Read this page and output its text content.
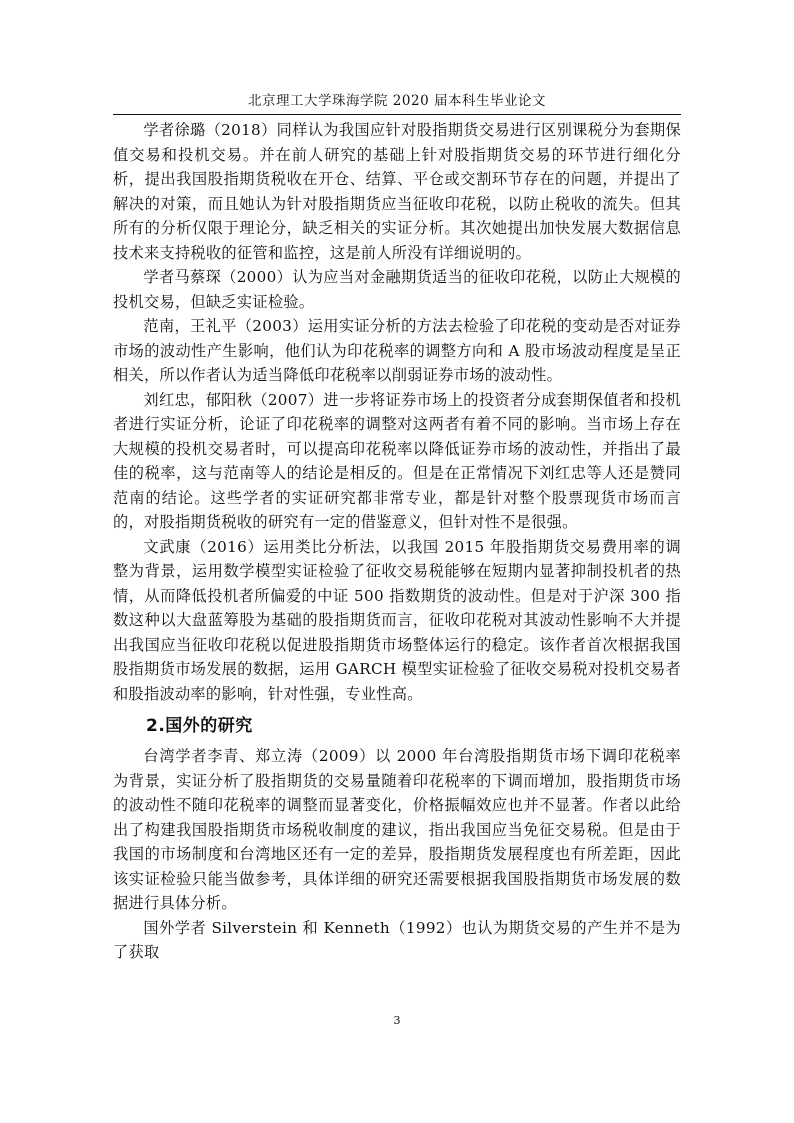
北京理工大学珠海学院 2020 届本科生毕业论文

学者徐璐（2018）同样认为我国应针对股指期货交易进行区别课税分为套期保值交易和投机交易。并在前人研究的基础上针对股指期货交易的环节进行细化分析，提出我国股指期货税收在开仓、结算、平仓或交割环节存在的问题，并提出了解决的对策，而且她认为针对股指期货应当征收印花税，以防止税收的流失。但其所有的分析仅限于理论分，缺乏相关的实证分析。其次她提出加快发展大数据信息技术来支持税收的征管和监控，这是前人所没有详细说明的。

学者马蔡琛（2000）认为应当对金融期货适当的征收印花税，以防止大规模的投机交易，但缺乏实证检验。

范南，王礼平（2003）运用实证分析的方法去检验了印花税的变动是否对证券市场的波动性产生影响，他们认为印花税率的调整方向和 A 股市场波动程度是呈正相关，所以作者认为适当降低印花税率以削弱证券市场的波动性。

刘红忠，郁阳秋（2007）进一步将证券市场上的投资者分成套期保值者和投机者进行实证分析，论证了印花税率的调整对这两者有着不同的影响。当市场上存在大规模的投机交易者时，可以提高印花税率以降低证券市场的波动性，并指出了最佳的税率，这与范南等人的结论是相反的。但是在正常情况下刘红忠等人还是赞同范南的结论。这些学者的实证研究都非常专业，都是针对整个股票现货市场而言的，对股指期货税收的研究有一定的借鉴意义，但针对性不是很强。

文武康（2016）运用类比分析法，以我国 2015 年股指期货交易费用率的调整为背景，运用数学模型实证检验了征收交易税能够在短期内显著抑制投机者的热情，从而降低投机者所偏爱的中证 500 指数期货的波动性。但是对于沪深 300 指数这种以大盘蓝筹股为基础的股指期货而言，征收印花税对其波动性影响不大并提出我国应当征收印花税以促进股指期货市场整体运行的稳定。该作者首次根据我国股指期货市场发展的数据，运用 GARCH 模型实证检验了征收交易税对投机交易者和股指波动率的影响，针对性强，专业性高。

2.国外的研究

台湾学者李青、郑立涛（2009）以 2000 年台湾股指期货市场下调印花税率为背景，实证分析了股指期货的交易量随着印花税率的下调而增加，股指期货市场的波动性不随印花税率的调整而显著变化，价格振幅效应也并不显著。作者以此给出了构建我国股指期货市场税收制度的建议，指出我国应当免征交易税。但是由于我国的市场制度和台湾地区还有一定的差异，股指期货发展程度也有所差距，因此该实证检验只能当做参考，具体详细的研究还需要根据我国股指期货市场发展的数据进行具体分析。

国外学者 Silverstein 和 Kenneth（1992）也认为期货交易的产生并不是为了获取

3
